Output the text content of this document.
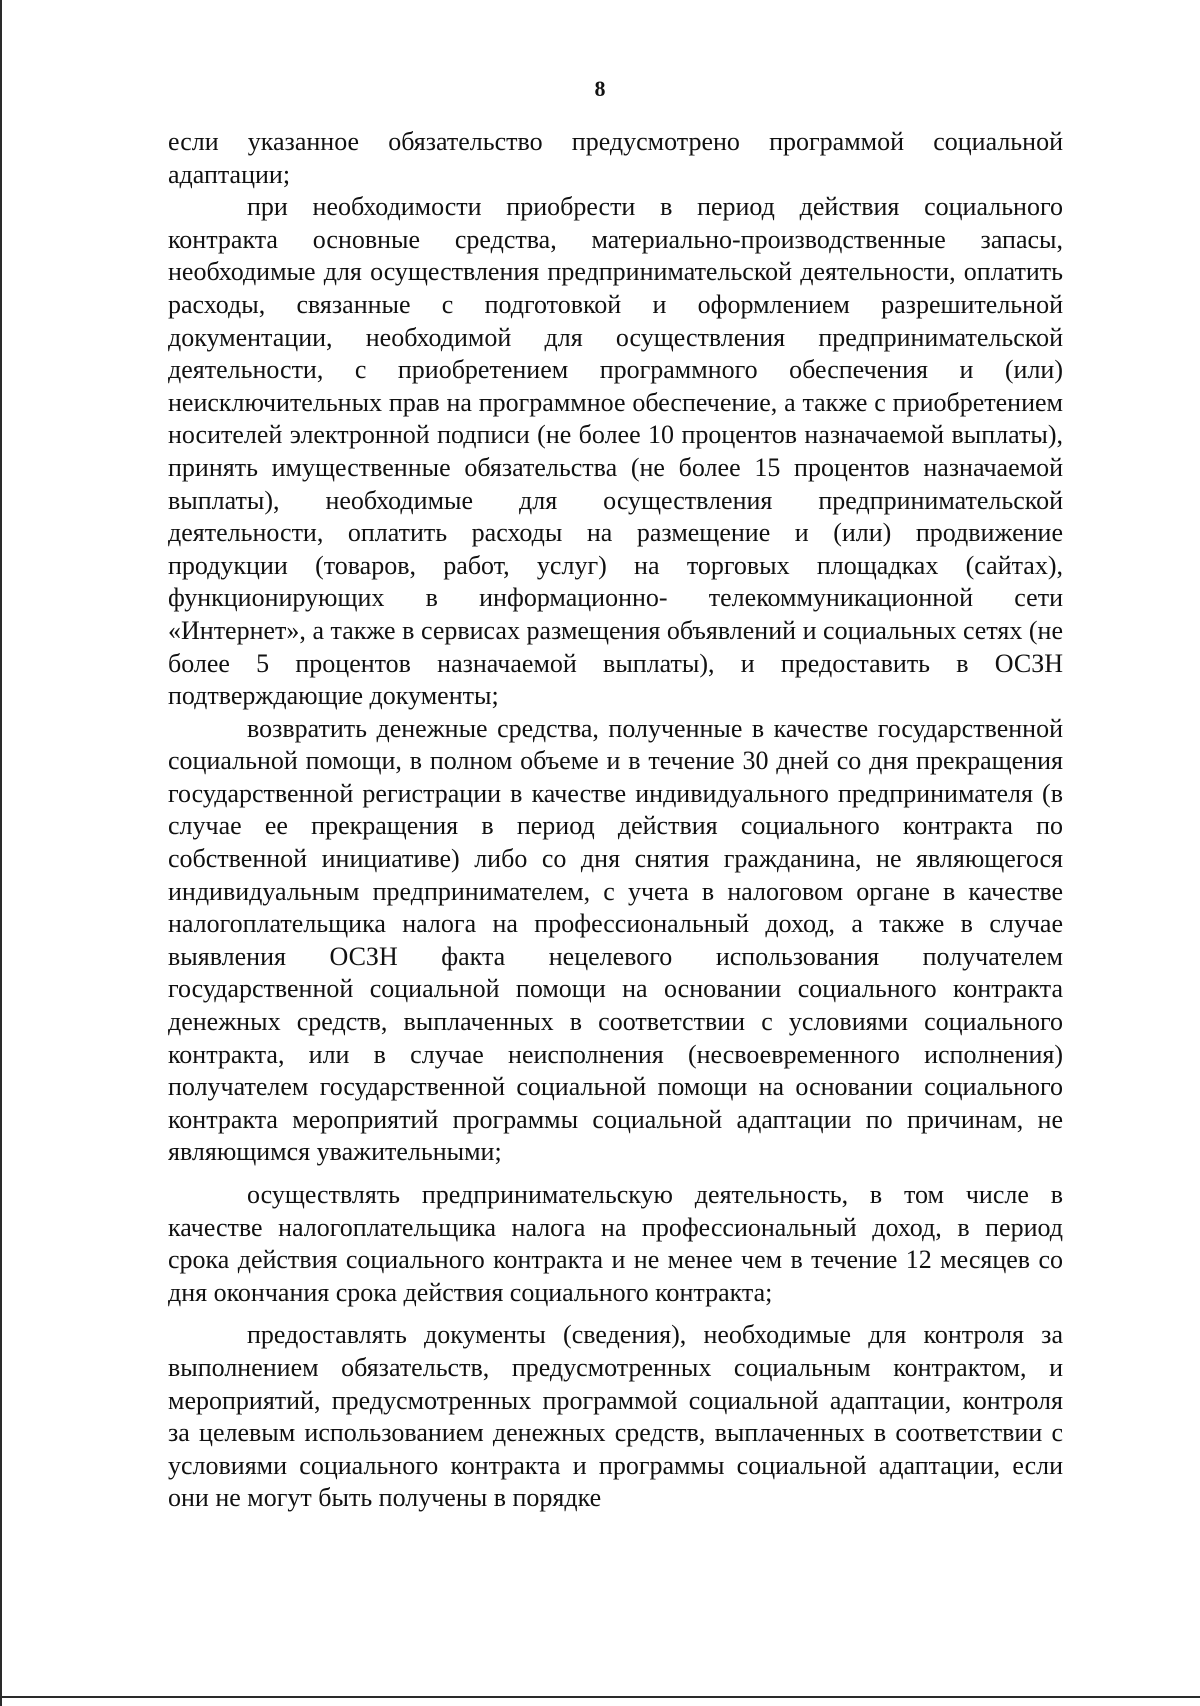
8

если указанное обязательство предусмотрено программой социальной адаптации;

при необходимости приобрести в период действия социального контракта основные средства, материально-производственные запасы, необходимые для осуществления предпринимательской деятельности, оплатить расходы, связанные с подготовкой и оформлением разрешительной документации, необходимой для осуществления предпринимательской деятельности, с приобретением программного обеспечения и (или) неисключительных прав на программное обеспечение, а также с приобретением носителей электронной подписи (не более 10 процентов назначаемой выплаты), принять имущественные обязательства (не более 15 процентов назначаемой выплаты), необходимые для осуществления предпринимательской деятельности, оплатить расходы на размещение и (или) продвижение продукции (товаров, работ, услуг) на торговых площадках (сайтах), функционирующих в информационно- телекоммуникационной сети «Интернет», а также в сервисах размещения объявлений и социальных сетях (не более 5 процентов назначаемой выплаты), и предоставить в ОСЗН подтверждающие документы;

возвратить денежные средства, полученные в качестве государственной социальной помощи, в полном объеме и в течение 30 дней со дня прекращения государственной регистрации в качестве индивидуального предпринимателя (в случае ее прекращения в период действия социального контракта по собственной инициативе) либо со дня снятия гражданина, не являющегося индивидуальным предпринимателем, с учета в налоговом органе в качестве налогоплательщика налога на профессиональный доход, а также в случае выявления ОСЗН факта нецелевого использования получателем государственной социальной помощи на основании социального контракта денежных средств, выплаченных в соответствии с условиями социального контракта, или в случае неисполнения (несвоевременного исполнения) получателем государственной социальной помощи на основании социального контракта мероприятий программы социальной адаптации по причинам, не являющимся уважительными;

осуществлять предпринимательскую деятельность, в том числе в качестве налогоплательщика налога на профессиональный доход, в период срока действия социального контракта и не менее чем в течение 12 месяцев со дня окончания срока действия социального контракта;

предоставлять документы (сведения), необходимые для контроля за выполнением обязательств, предусмотренных социальным контрактом, и мероприятий, предусмотренных программой социальной адаптации, контроля за целевым использованием денежных средств, выплаченных в соответствии с условиями социального контракта и программы социальной адаптации, если они не могут быть получены в порядке
